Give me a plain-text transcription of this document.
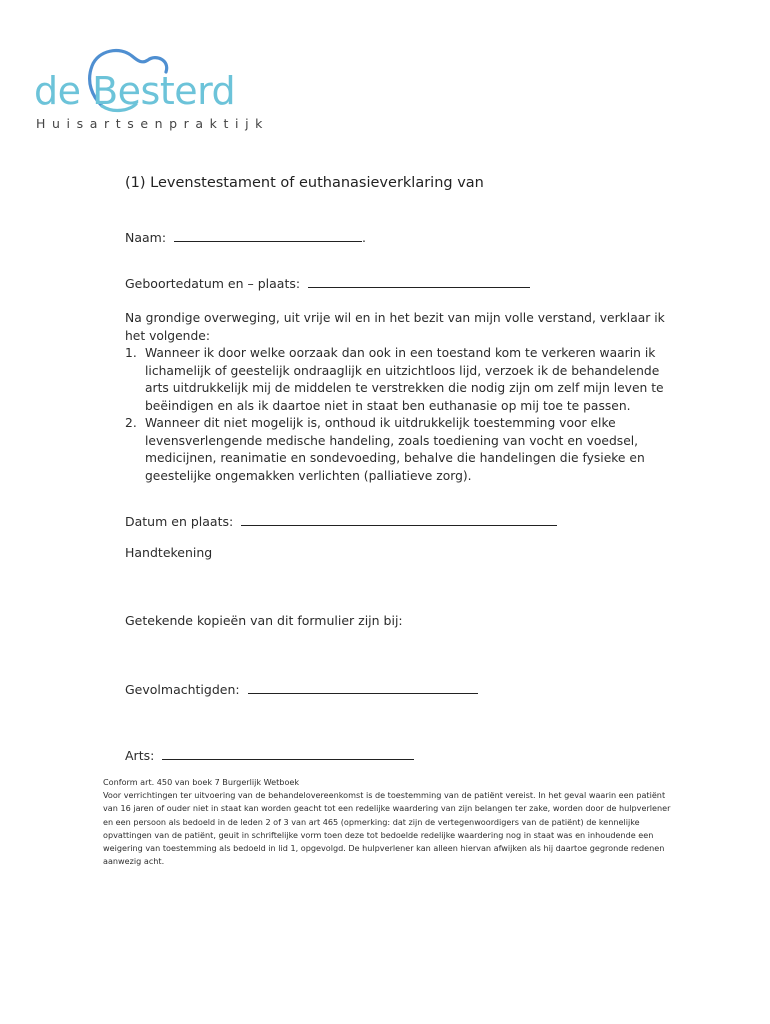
de Besterd
Huisartsenpraktijk
(1) Levenstestament of euthanasieverklaring van
Naam:	.
Geboortedatum en – plaats:

Na grondige overweging, uit vrije wil en in het bezit van mijn volle verstand, verklaar ik het volgende:

1. Wanneer ik door welke oorzaak dan ook in een toestand kom te verkeren waarin ik lichamelijk of geestelijk ondraaglijk en uitzichtloos lijd, verzoek ik de behandelende arts uitdrukkelijk mij de middelen te verstrekken die nodig zijn om zelf mijn leven te beëindigen en als ik daartoe niet in staat ben euthanasie op mij toe te passen.
2. Wanneer dit niet mogelijk is, onthoud ik uitdrukkelijk toestemming voor elke levensverlengende medische handeling, zoals toediening van vocht en voedsel, medicijnen, reanimatie en sondevoeding, behalve die handelingen die fysieke en geestelijke ongemakken verlichten (palliatieve zorg).
Datum en plaats:
Handtekening
Getekende kopieën van dit formulier zijn bij:
Gevolmachtigden:
Arts:

Conform art. 450 van boek 7 Burgerlijk Wetboek

Voor verrichtingen ter uitvoering van de behandelovereenkomst is de toestemming van de patiënt vereist. In het geval waarin een patiënt van 16 jaren of ouder niet in staat kan worden geacht tot een redelijke waardering van zijn belangen ter zake, worden door de hulpverlener en een persoon als bedoeld in de leden 2 of 3 van art 465 (opmerking: dat zijn de vertegenwoordigers van de patiënt) de kennelijke opvattingen van de patiënt, geuit in schriftelijke vorm toen deze tot bedoelde redelijke waardering nog in staat was en inhoudende een weigering van toestemming als bedoeld in lid 1, opgevolgd. De hulpverlener kan alleen hiervan afwijken als hij daartoe gegronde redenen aanwezig acht.
